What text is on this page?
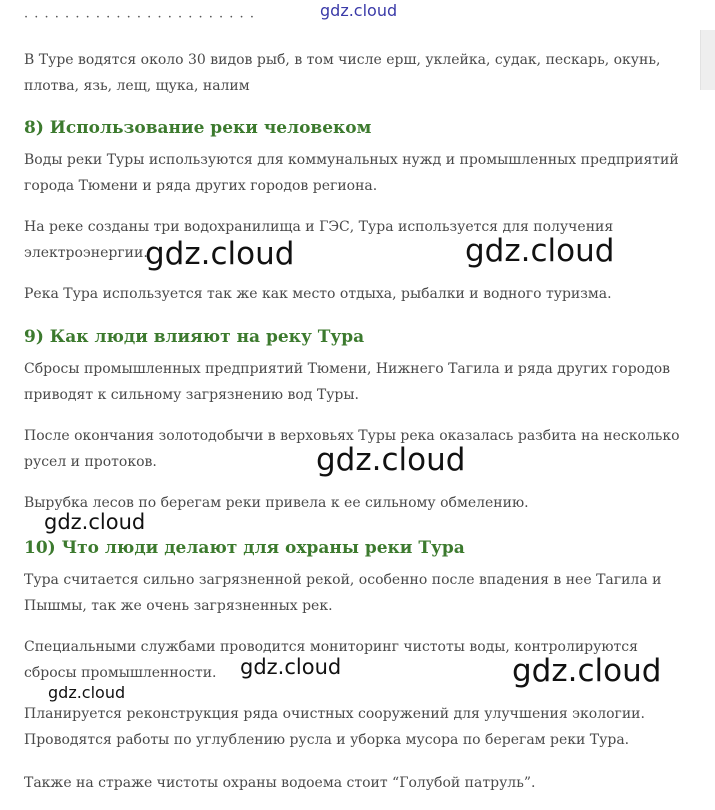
· · · · · · · · · · · · · · · · · · · · · · ·	gdz.cloud

В Туре водятся около 30 видов рыб, в том числе ерш, уклейка, судак, пескарь, окунь, плотва, язь, лещ, щука, налим

8) Использование реки человеком

Воды реки Туры используются для коммунальных нужд и промышленных предприятий города Тюмени и ряда других городов региона.

На реке созданы три водохранилища и ГЭС, Тура используется для получения электроэнергии.

Река Тура используется так же как место отдыха, рыбалки и водного туризма.

9) Как люди влияют на реку Тура

Сбросы промышленных предприятий Тюмени, Нижнего Тагила и ряда других городов приводят к сильному загрязнению вод Туры.

После окончания золотодобычи в верховьях Туры река оказалась разбита на несколько русел и протоков.

Вырубка лесов по берегам реки привела к ее сильному обмелению.

10) Что люди делают для охраны реки Тура

Тура считается сильно загрязненной рекой, особенно после впадения в нее Тагила и Пышмы, так же очень загрязненных рек.

Специальными службами проводится мониторинг чистоты воды, контролируются сбросы промышленности.

Планируется реконструкция ряда очистных сооружений для улучшения экологии. Проводятся работы по углублению русла и уборка мусора по берегам реки Тура.

Также на страже чистоты охраны водоема стоит “Голубой патруль”.

gdz.cloud	gdz.cloud
gdz.cloud
gdz.cloud
gdz.cloud	gdz.cloud
gdz.cloud
